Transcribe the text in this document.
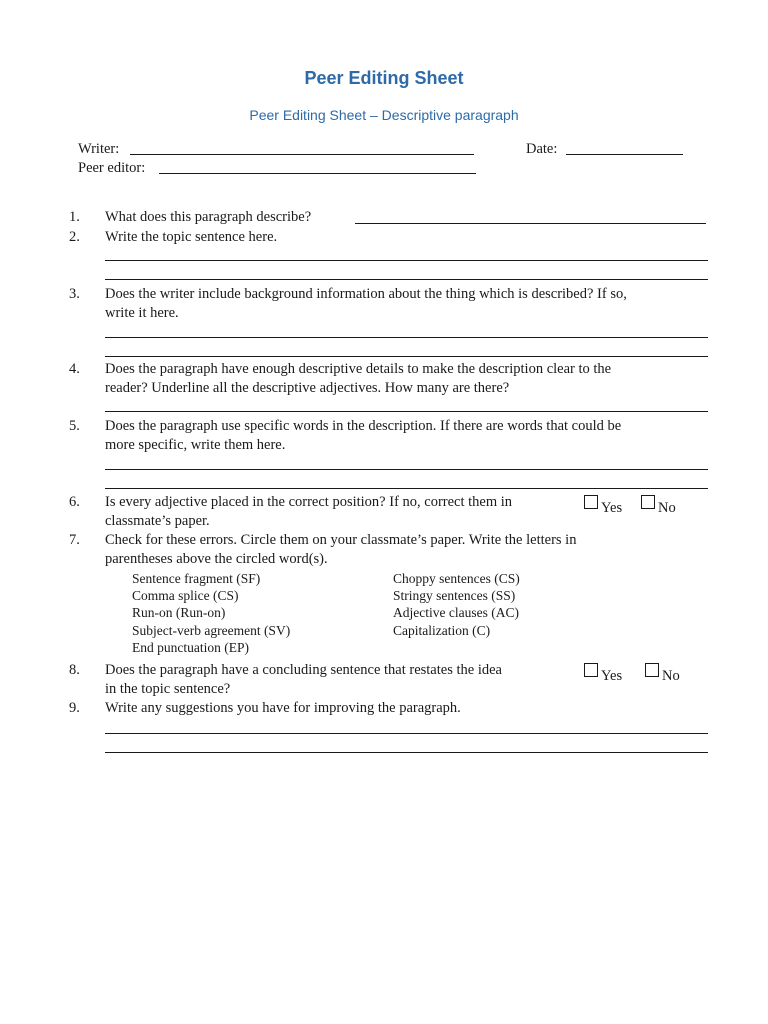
Peer Editing Sheet
Peer Editing Sheet – Descriptive paragraph
Writer:	Date:
Peer editor:
1. What does this paragraph describe?
2. Write the topic sentence here.
3. Does the writer include background information about the thing which is described? If so,
write it here.
4. Does the paragraph have enough descriptive details to make the description clear to the
reader? Underline all the descriptive adjectives. How many are there?
5. Does the paragraph use specific words in the description. If there are words that could be
more specific, write them here.
6. Is every adjective placed in the correct position? If no, correct them in
classmate’s paper.
Yes No
7. Check for these errors. Circle them on your classmate’s paper. Write the letters in
parentheses above the circled word(s).
Sentence fragment (SF)
Comma splice (CS)
Run-on (Run-on)
Subject-verb agreement (SV)
End punctuation (EP)
Choppy sentences (CS)
Stringy sentences (SS)
Adjective clauses (AC)
Capitalization (C)
8. Does the paragraph have a concluding sentence that restates the idea
in the topic sentence?
Yes	No
9. Write any suggestions you have for improving the paragraph.
